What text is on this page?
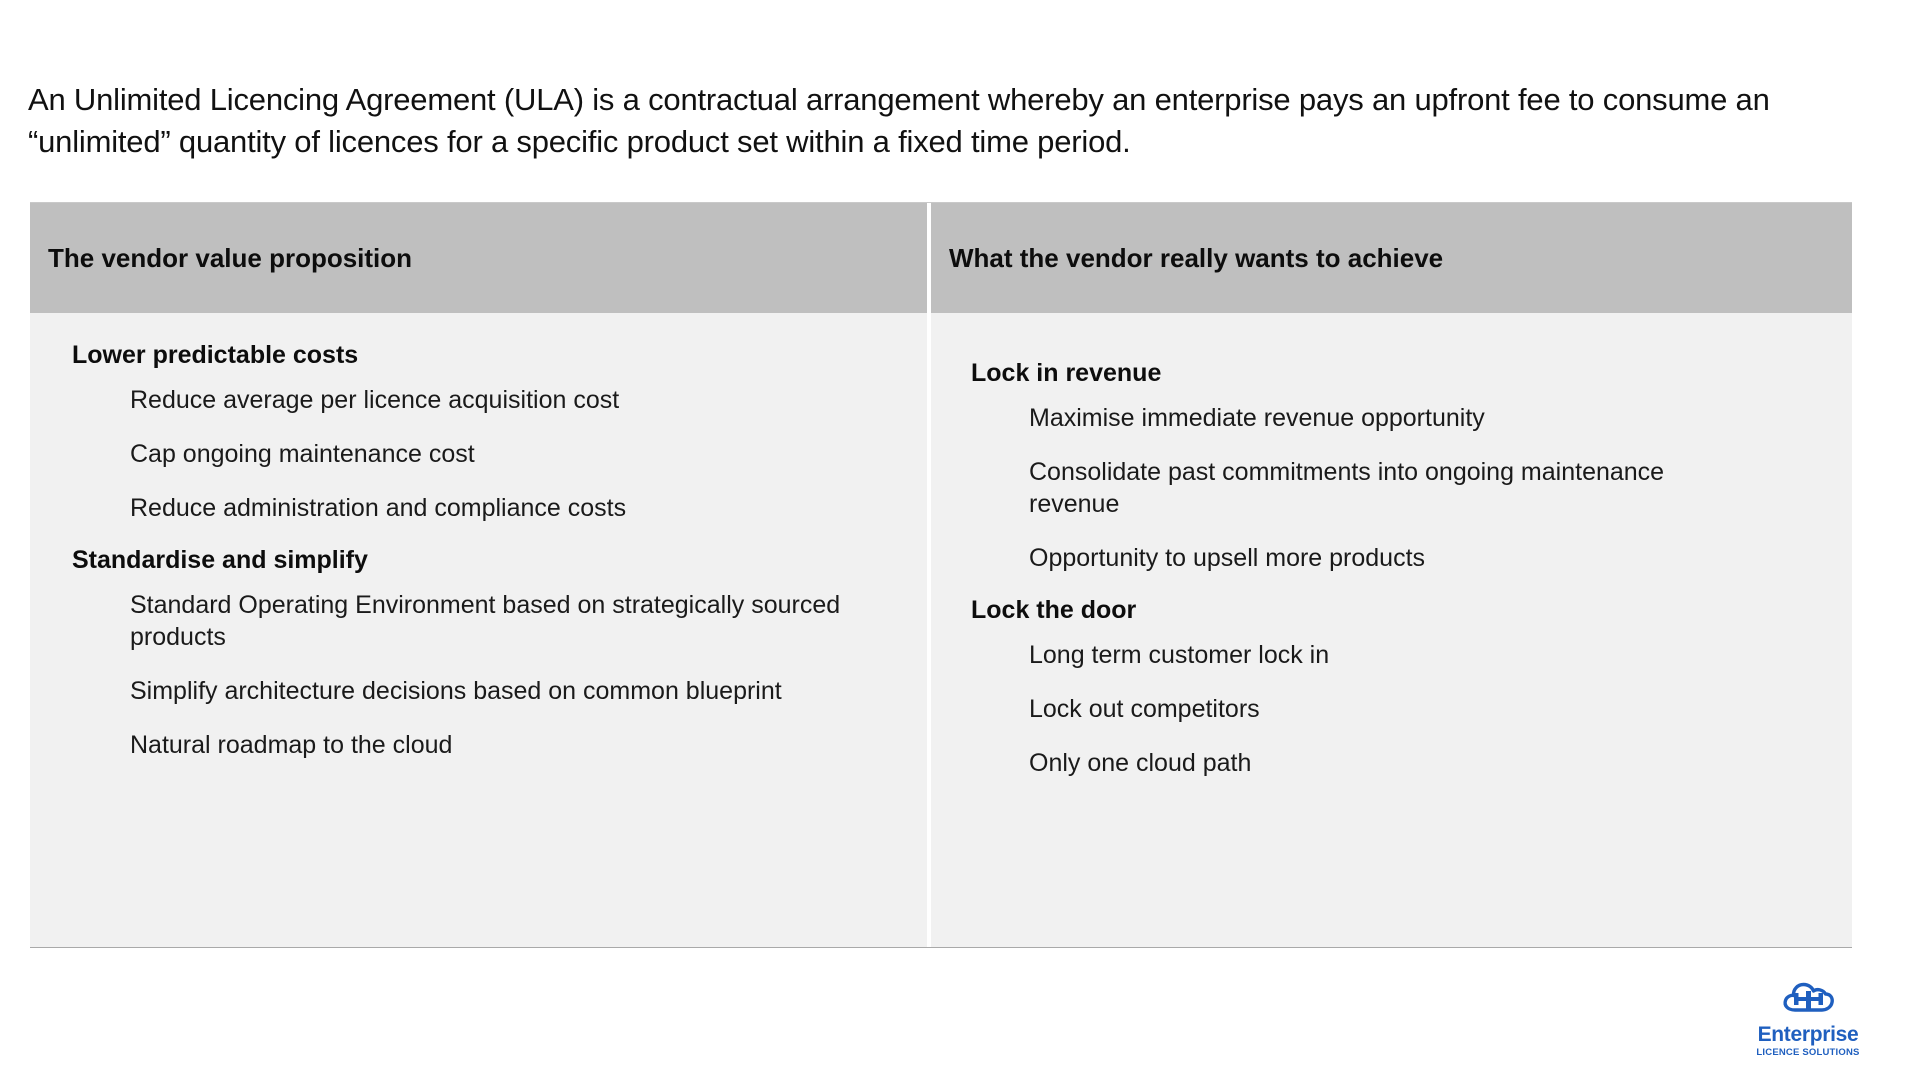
An Unlimited Licencing Agreement (ULA) is a contractual arrangement whereby an enterprise pays an upfront fee to consume an “unlimited” quantity of licences for a specific product set within a fixed time period.

The vendor value proposition	What the vendor really wants to achieve
Lower predictable costs
Reduce average per licence acquisition cost
Cap ongoing maintenance cost
Reduce administration and compliance costs
Standardise and simplify
Standard Operating Environment based on strategically sourced products
Simplify architecture decisions based on common blueprint
Natural roadmap to the cloud
Lock in revenue
Maximise immediate revenue opportunity
Consolidate past commitments into ongoing maintenance revenue
Opportunity to upsell more products
Lock the door
Long term customer lock in
Lock out competitors
Only one cloud path
Enterprise
LICENCE SOLUTIONS
